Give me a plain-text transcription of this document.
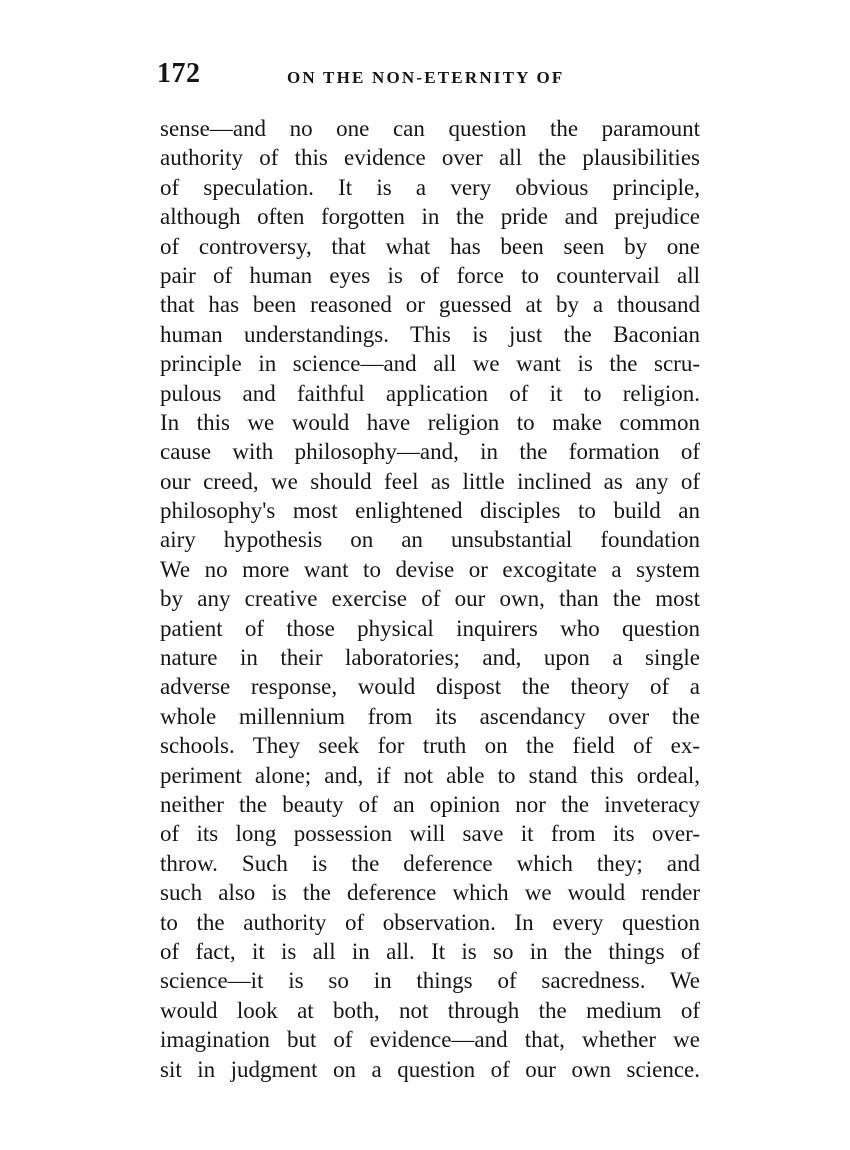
172	ON THE NON-ETERNITY OF
sense—and no one can question the paramount
authority of this evidence over all the plausibilities
of speculation. It is a very obvious principle,
although often forgotten in the pride and prejudice
of controversy, that what has been seen by one
pair of human eyes is of force to countervail all
that has been reasoned or guessed at by a thousand
human understandings. This is just the Baconian
principle in science—and all we want is the scru-
pulous and faithful application of it to religion.
In this we would have religion to make common
cause with philosophy—and, in the formation of
our creed, we should feel as little inclined as any of
philosophy's most enlightened disciples to build an
airy hypothesis on an unsubstantial foundation
We no more want to devise or excogitate a system
by any creative exercise of our own, than the most
patient of those physical inquirers who question
nature in their laboratories; and, upon a single
adverse response, would dispost the theory of a
whole millennium from its ascendancy over the
schools. They seek for truth on the field of ex-
periment alone; and, if not able to stand this ordeal,
neither the beauty of an opinion nor the inveteracy
of its long possession will save it from its over-
throw. Such is the deference which they; and
such also is the deference which we would render
to the authority of observation. In every question
of fact, it is all in all. It is so in the things of
science—it is so in things of sacredness. We
would look at both, not through the medium of
imagination but of evidence—and that, whether we
sit in judgment on a question of our own science.
